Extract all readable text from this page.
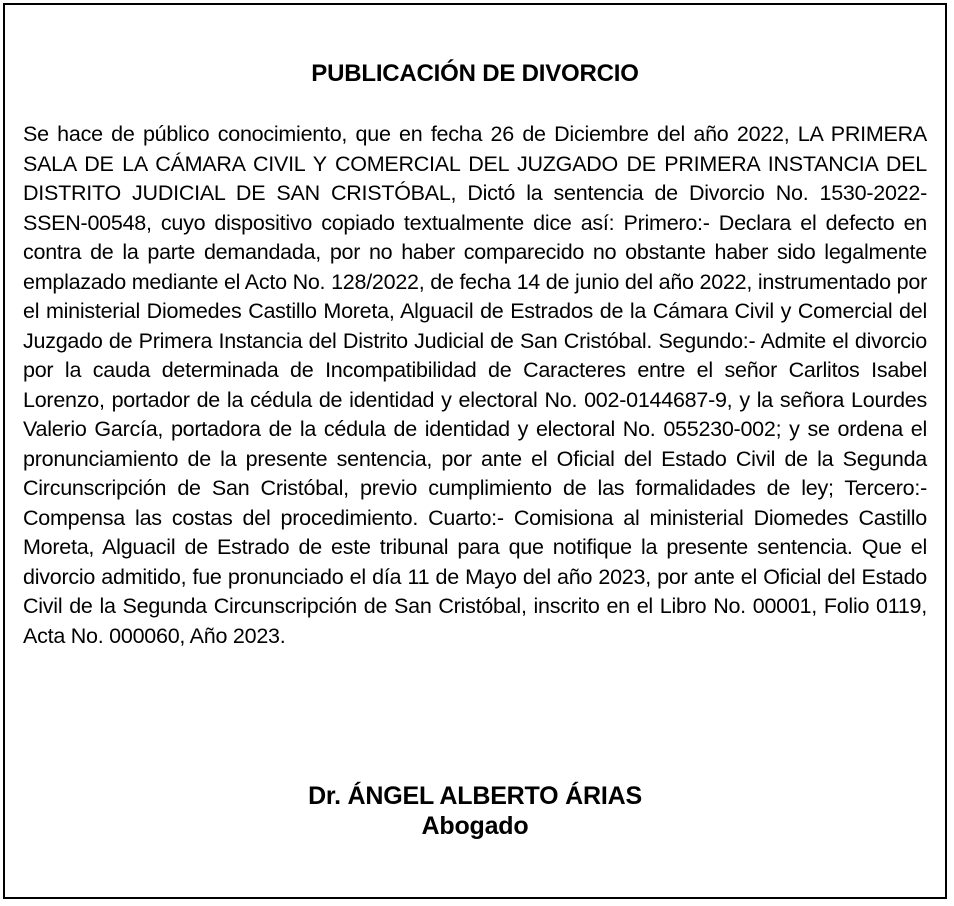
PUBLICACIÓN DE DIVORCIO

Se hace de público conocimiento, que en fecha 26 de Diciembre del año 2022, LA PRIMERA SALA DE LA CÁMARA CIVIL Y COMERCIAL DEL JUZGADO DE PRIMERA INSTANCIA DEL DISTRITO JUDICIAL DE SAN CRISTÓBAL, Dictó la sentencia de Divorcio No. 1530-2022-SSEN-00548, cuyo dispositivo copiado textualmente dice así: Primero:- Declara el defecto en contra de la parte demandada, por no haber comparecido no obstante haber sido legalmente emplazado mediante el Acto No. 128/2022, de fecha 14 de junio del año 2022, instrumentado por el ministerial Diomedes Castillo Moreta, Alguacil de Estrados de la Cámara Civil y Comercial del Juzgado de Primera Instancia del Distrito Judicial de San Cristóbal. Segundo:- Admite el divorcio por la cauda determinada de Incompatibilidad de Caracteres entre el señor Carlitos Isabel Lorenzo, portador de la cédula de identidad y electoral No. 002-0144687-9, y la señora Lourdes Valerio García, portadora de la cédula de identidad y electoral No. 055230-002; y se ordena el pronunciamiento de la presente sentencia, por ante el Oficial del Estado Civil de la Segunda Circunscripción de San Cristóbal, previo cumplimiento de las formalidades de ley; Tercero:- Compensa las costas del procedimiento. Cuarto:- Comisiona al ministerial Diomedes Castillo Moreta, Alguacil de Estrado de este tribunal para que notifique la presente sentencia. Que el divorcio admitido, fue pronunciado el día 11 de Mayo del año 2023, por ante el Oficial del Estado Civil de la Segunda Circunscripción de San Cristóbal, inscrito en el Libro No. 00001, Folio 0119, Acta No. 000060, Año 2023.

Dr. ÁNGEL ALBERTO ÁRIAS
Abogado
